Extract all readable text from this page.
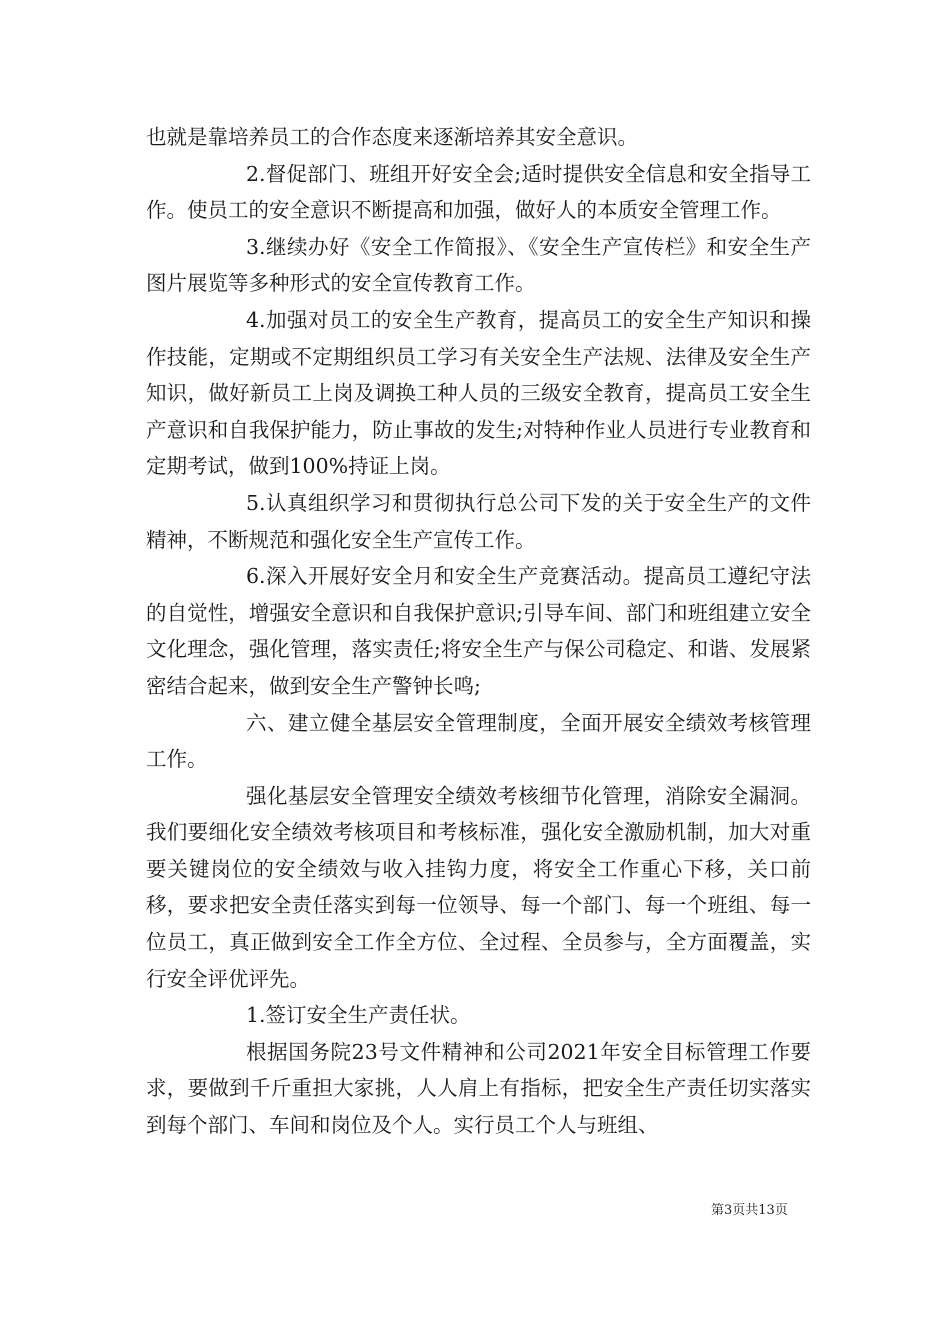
也就是靠培养员工的合作态度来逐渐培养其安全意识。

2.督促部门、班组开好安全会;适时提供安全信息和安全指导工作。使员工的安全意识不断提高和加强，做好人的本质安全管理工作。

3.继续办好《安全工作简报》、《安全生产宣传栏》和安全生产图片展览等多种形式的安全宣传教育工作。

4.加强对员工的安全生产教育，提高员工的安全生产知识和操作技能，定期或不定期组织员工学习有关安全生产法规、法律及安全生产知识，做好新员工上岗及调换工种人员的三级安全教育，提高员工安全生产意识和自我保护能力，防止事故的发生;对特种作业人员进行专业教育和定期考试，做到100%持证上岗。

5.认真组织学习和贯彻执行总公司下发的关于安全生产的文件精神，不断规范和强化安全生产宣传工作。

6.深入开展好安全月和安全生产竞赛活动。提高员工遵纪守法的自觉性，增强安全意识和自我保护意识;引导车间、部门和班组建立安全文化理念，强化管理，落实责任;将安全生产与保公司稳定、和谐、发展紧密结合起来，做到安全生产警钟长鸣;

六、建立健全基层安全管理制度，全面开展安全绩效考核管理工作。

强化基层安全管理安全绩效考核细节化管理，消除安全漏洞。我们要细化安全绩效考核项目和考核标准，强化安全激励机制，加大对重要关键岗位的安全绩效与收入挂钩力度，将安全工作重心下移，关口前移，要求把安全责任落实到每一位领导、每一个部门、每一个班组、每一位员工，真正做到安全工作全方位、全过程、全员参与，全方面覆盖，实行安全评优评先。

1.签订安全生产责任状。

根据国务院23号文件精神和公司2021年安全目标管理工作要求，要做到千斤重担大家挑，人人肩上有指标，把安全生产责任切实落实到每个部门、车间和岗位及个人。实行员工个人与班组、

第3页共13页
